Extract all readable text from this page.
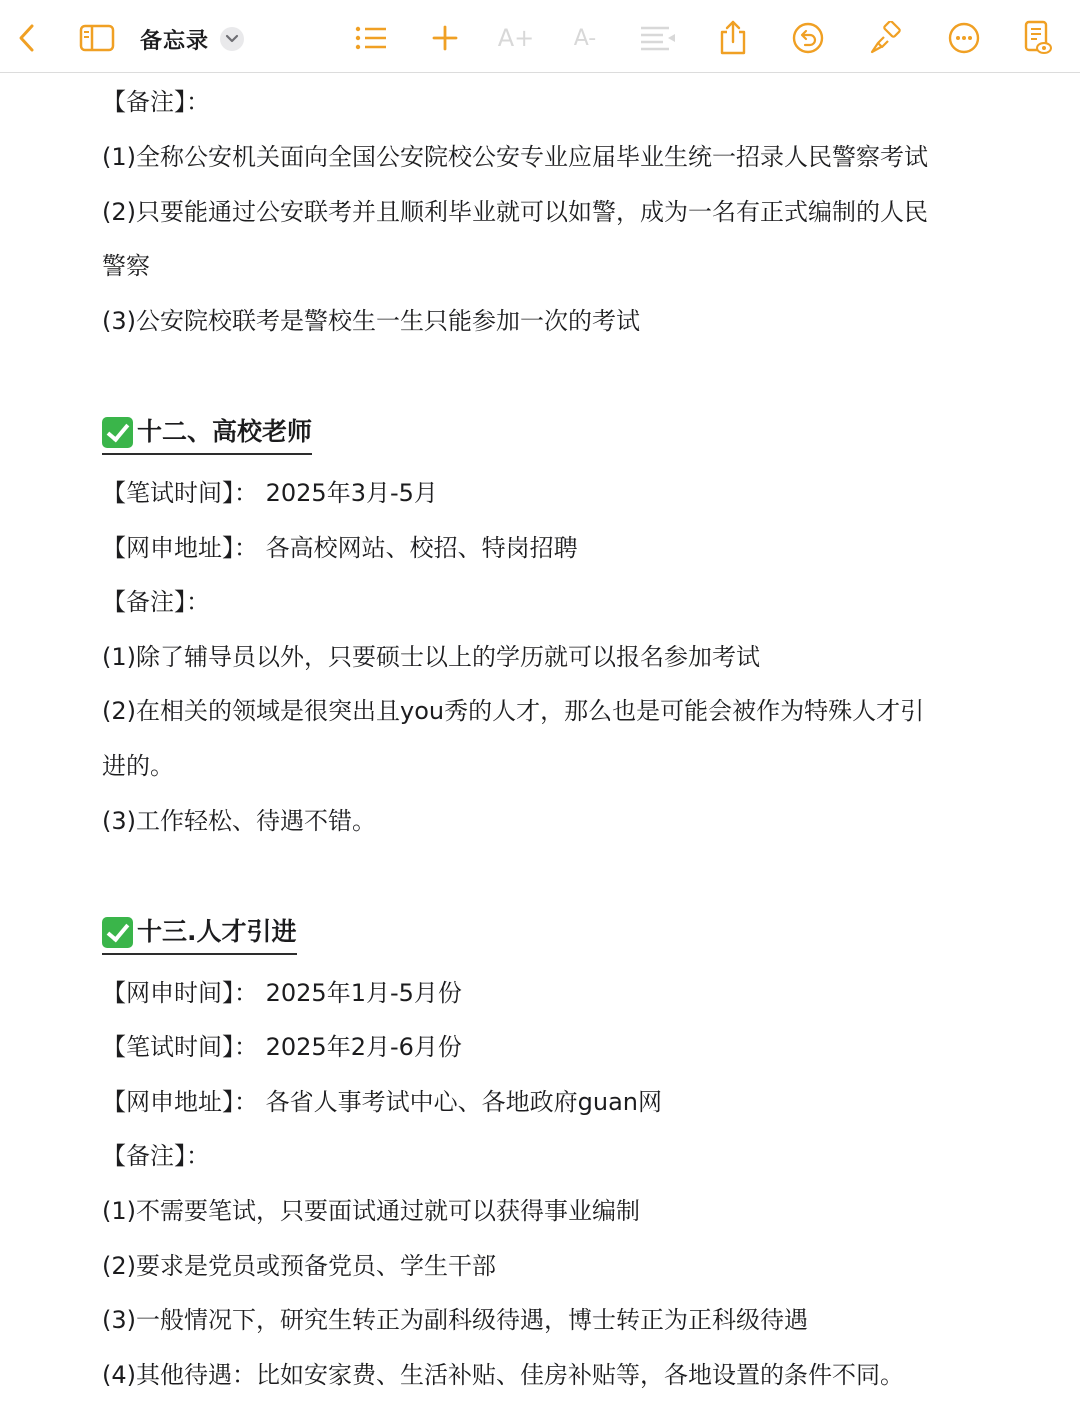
备忘录	A+ A-
【备注】：
(1)全称公安机关面向全国公安院校公安专业应届毕业生统一招录人民警察考试
(2)只要能通过公安联考并且顺利毕业就可以如警，成为一名有正式编制的人民
警察
(3)公安院校联考是警校生一生只能参加一次的考试
十二、高校老师
【笔试时间】： 2025年3月-5月
【网申地址】： 各高校网站、校招、特岗招聘
【备注】：
(1)除了辅导员以外，只要硕士以上的学历就可以报名参加考试
(2)在相关的领域是很突出且you秀的人才，那么也是可能会被作为特殊人才引
进的。
(3)工作轻松、待遇不错。
十三.人才引进
【网申时间】： 2025年1月-5月份
【笔试时间】： 2025年2月-6月份
【网申地址】： 各省人事考试中心、各地政府guan网
【备注】：
(1)不需要笔试，只要面试通过就可以获得事业编制
(2)要求是党员或预备党员、学生干部
(3)一般情况下，研究生转正为副科级待遇，博士转正为正科级待遇
(4)其他待遇：比如安家费、生活补贴、佳房补贴等，各地设置的条件不同。
